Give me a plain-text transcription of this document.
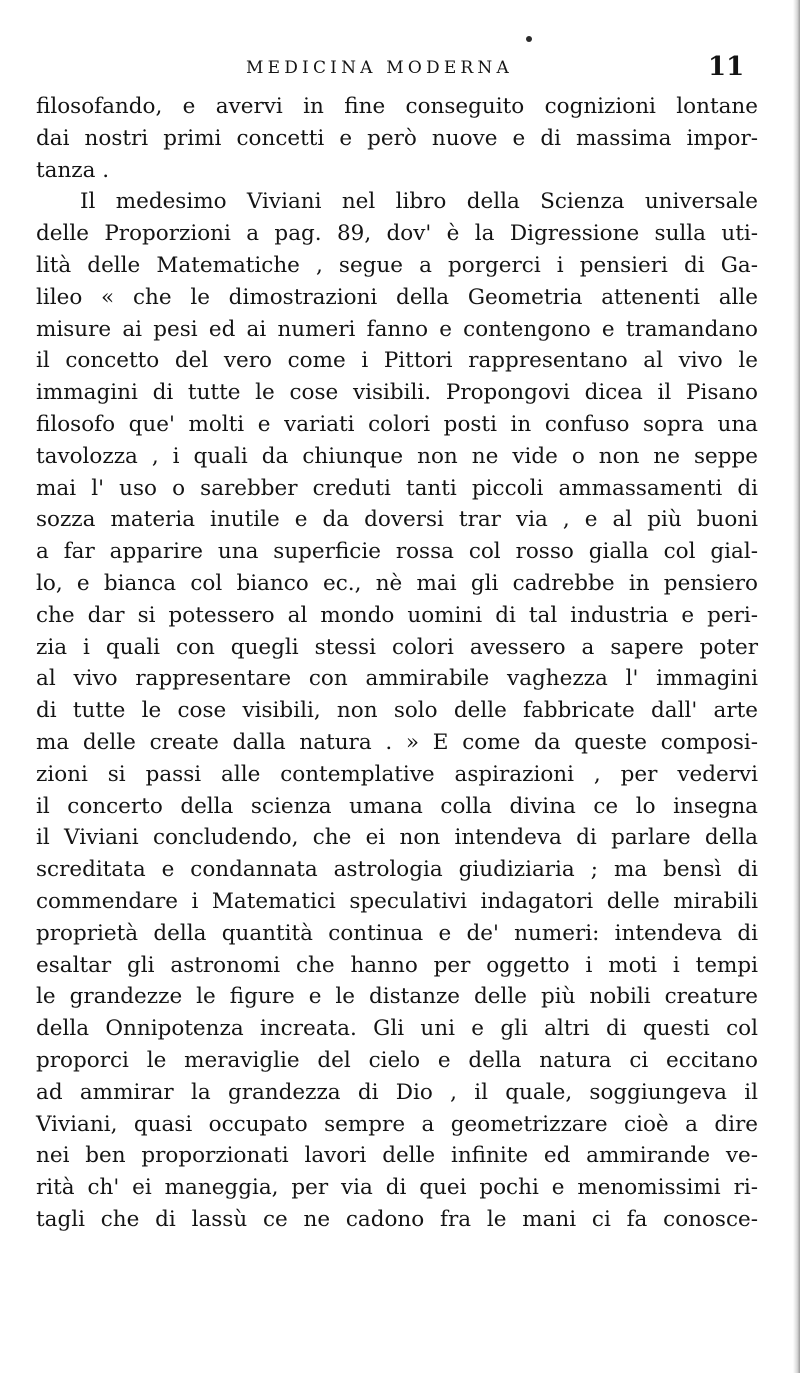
MEDICINA MODERNA	11
filosofando, e avervi in fine conseguito cognizioni lontane
dai nostri primi concetti e però nuove e di massima impor-
tanza .
Il medesimo Viviani nel libro della Scienza universale
delle Proporzioni a pag. 89, dov' è la Digressione sulla uti-
lità delle Matematiche , segue a porgerci i pensieri di Ga-
lileo « che le dimostrazioni della Geometria attenenti alle
misure ai pesi ed ai numeri fanno e contengono e tramandano
il concetto del vero come i Pittori rappresentano al vivo le
immagini di tutte le cose visibili. Propongovi dicea il Pisano
filosofo que' molti e variati colori posti in confuso sopra una
tavolozza , i quali da chiunque non ne vide o non ne seppe
mai l' uso o sarebber creduti tanti piccoli ammassamenti di
sozza materia inutile e da doversi trar via , e al più buoni
a far apparire una superficie rossa col rosso gialla col gial-
lo, e bianca col bianco ec., nè mai gli cadrebbe in pensiero
che dar si potessero al mondo uomini di tal industria e peri-
zia i quali con quegli stessi colori avessero a sapere poter
al vivo rappresentare con ammirabile vaghezza l' immagini
di tutte le cose visibili, non solo delle fabbricate dall' arte
ma delle create dalla natura . » E come da queste composi-
zioni si passi alle contemplative aspirazioni , per vedervi
il concerto della scienza umana colla divina ce lo insegna
il Viviani concludendo, che ei non intendeva di parlare della
screditata e condannata astrologia giudiziaria ; ma bensì di
commendare i Matematici speculativi indagatori delle mirabili
proprietà della quantità continua e de' numeri: intendeva di
esaltar gli astronomi che hanno per oggetto i moti i tempi
le grandezze le figure e le distanze delle più nobili creature
della Onnipotenza increata. Gli uni e gli altri di questi col
proporci le meraviglie del cielo e della natura ci eccitano
ad ammirar la grandezza di Dio , il quale, soggiungeva il
Viviani, quasi occupato sempre a geometrizzare cioè a dire
nei ben proporzionati lavori delle infinite ed ammirande ve-
rità ch' ei maneggia, per via di quei pochi e menomissimi ri-
tagli che di lassù ce ne cadono fra le mani ci fa conosce-
